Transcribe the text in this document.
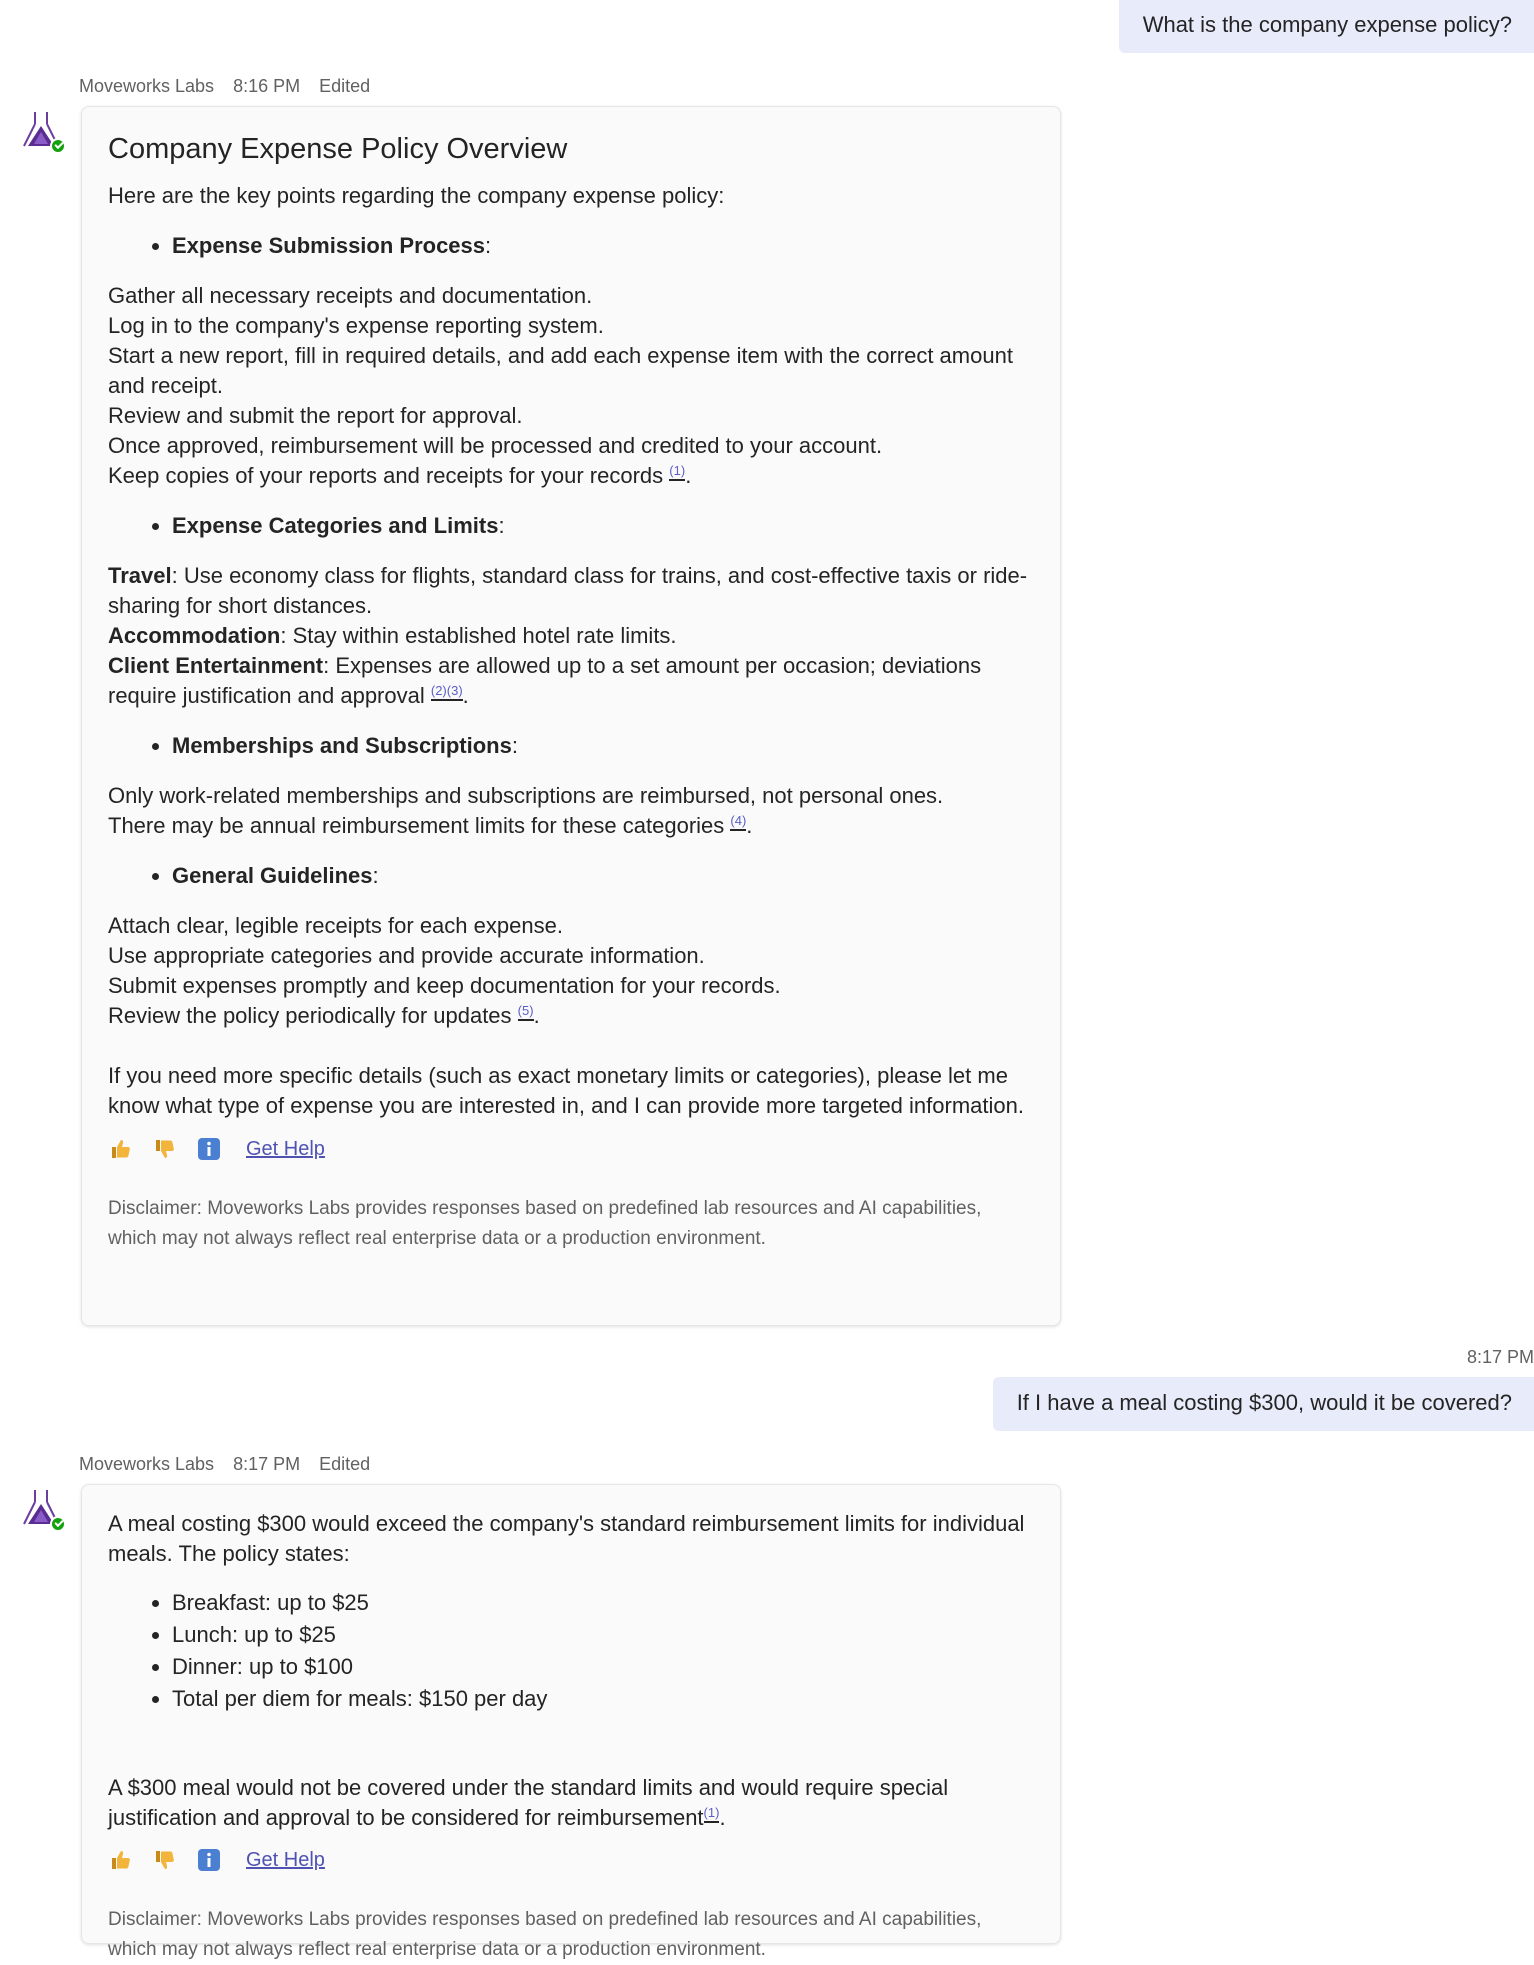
What is the company expense policy?
Moveworks Labs 8:16 PM Edited
Company Expense Policy Overview

Here are the key points regarding the company expense policy:

• Expense Submission Process:

Gather all necessary receipts and documentation.

Log in to the company's expense reporting system.

Start a new report, fill in required details, and add each expense item with the correct amount and receipt.

Review and submit the report for approval.

Once approved, reimbursement will be processed and credited to your account.

Keep copies of your reports and receipts for your records $^{(1)}$.

• Expense Categories and Limits:

Travel: Use economy class for flights, standard class for trains, and cost-effective taxis or ride-sharing for short distances.

Accommodation: Stay within established hotel rate limits.

Client Entertainment: Expenses are allowed up to a set amount per occasion; deviations require justification and approval $^{(2)(3)}$.

• Memberships and Subscriptions:

Only work-related memberships and subscriptions are reimbursed, not personal ones.

There may be annual reimbursement limits for these categories $^{(4)}$.

• General Guidelines:

Attach clear, legible receipts for each expense.

Use appropriate categories and provide accurate information.

Submit expenses promptly and keep documentation for your records.

Review the policy periodically for updates $^{(5)}$.

If you need more specific details (such as exact monetary limits or categories), please let me know what type of expense you are interested in, and I can provide more targeted information.

Get Help

Disclaimer: Moveworks Labs provides responses based on predefined lab resources and AI capabilities, which may not always reflect real enterprise data or a production environment.

8:17 PM
If I have a meal costing $300, would it be covered?
Moveworks Labs 8:17 PM Edited

A meal costing $300 would exceed the company's standard reimbursement limits for individual meals. The policy states:

• Breakfast: up to $25
• Lunch: up to $25
• Dinner: up to $100
• Total per diem for meals: $150 per day

A $300 meal would not be covered under the standard limits and would require special justification and approval to be considered for reimbursement$^{(1)}$.

Get Help

Disclaimer: Moveworks Labs provides responses based on predefined lab resources and AI capabilities, which may not always reflect real enterprise data or a production environment.
